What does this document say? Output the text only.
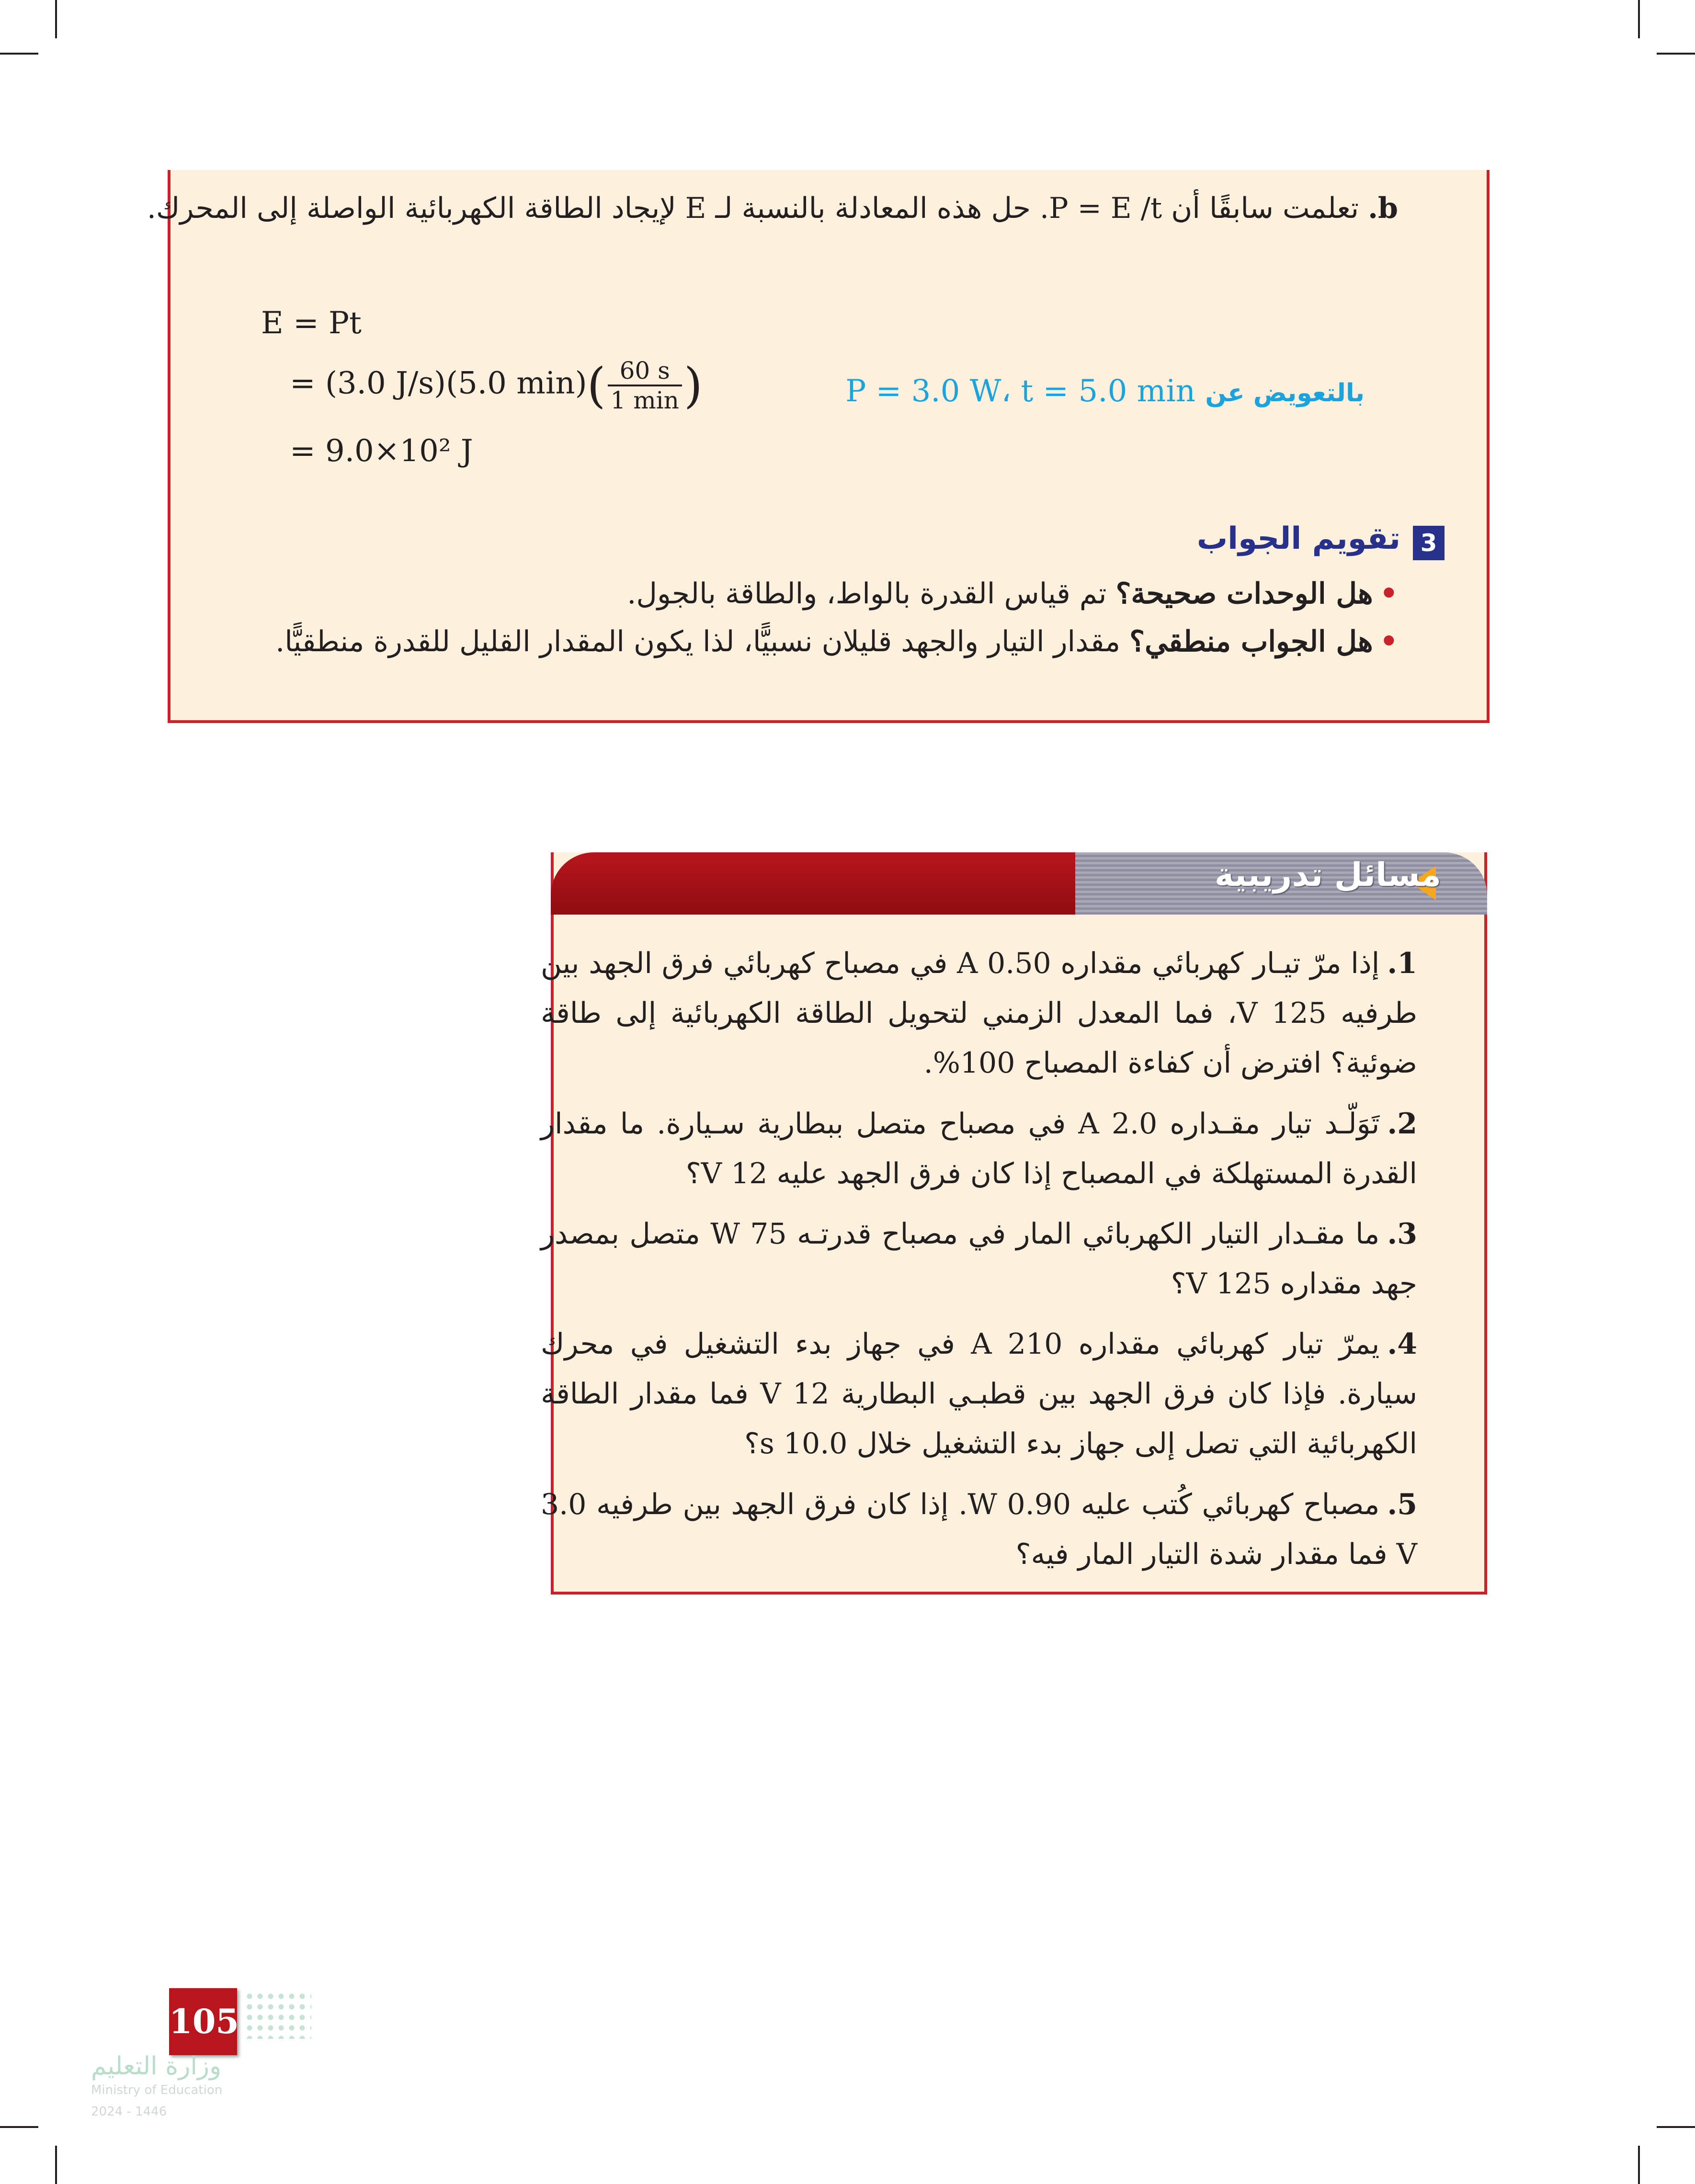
b. تعلمت سابقًا أن P = E /t. حل هذه المعادلة بالنسبة لـ E لإيجاد الطاقة الكهربائية الواصلة إلى المحرك.
E = Pt
= (3.0 J/s)(5.0 $\min)( \frac{60 s}{1 \min}$ )
= 9.0×10² J
بالتعويض عن P = 3.0 W، t = 5.0 min
3
تقويم الجواب
•هل الوحدات صحيحة؟ تم قياس القدرة بالواط، والطاقة بالجول.
•هل الجواب منطقي؟ مقدار التيار والجهد قليلان نسبيًّا، لذا يكون المقدار القليل للقدرة منطقيًّا.
مسائل تدريبية
1.إذا مرّ تيـار كهربائي مقداره 0.50 A في مصباح كهربائي فرق الجهد بين طرفيه 125 V، فما المعدل الزمني لتحويل الطاقة الكهربائية إلى طاقة ضوئية؟ افترض أن كفاءة المصباح 100%.
2.تَوَلّـد تيار مقـداره 2.0 A في مصباح متصل ببطارية سـيارة. ما مقدار القدرة المستهلكة في المصباح إذا كان فرق الجهد عليه 12 V؟
3.ما مقـدار التيار الكهربائي المار في مصباح قدرتـه 75 W متصل بمصدر جهد مقداره 125 V؟
4.يمرّ تيار كهربائي مقداره 210 A في جهاز بدء التشغيل في محرك سيارة. فإذا كان فرق الجهد بين قطبـي البطارية 12 V فما مقدار الطاقة الكهربائية التي تصل إلى جهاز بدء التشغيل خلال 10.0 s؟
5.مصباح كهربائي كُتب عليه 0.90 W. إذا كان فرق الجهد بين طرفيه 3.0 V فما مقدار شدة التيار المار فيه؟
105
وزارة التعليم
Ministry of Education
2024 - 1446
